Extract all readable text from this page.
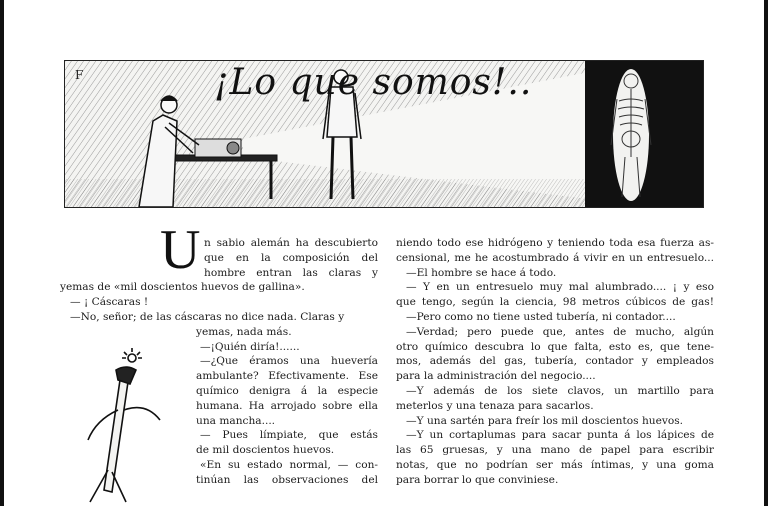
F	¡Lo que somos!..
U n sabio alemán ha descubierto

que en la composición del

hombre entran las claras y

yemas de «mil doscientos huevos de gallina».

— ¡ Cáscaras !

—No, señor; de las cáscaras no dice nada. Claras y

yemas, nada más.

—¡Quién diría!......

—¿Que éramos una huevería

ambulante? Efectivamente. Ese

químico denigra á la especie

humana. Ha arrojado sobre ella

una mancha....

— Pues límpiate, que estás

de mil doscientos huevos.

«En su estado normal, — con-

tinúan las observaciones del

niendo todo ese hidrógeno y teniendo toda esa fuerza as-

censional, me he acostumbrado á vivir en un entresuelo...

—El hombre se hace á todo.

— Y en un entresuelo muy mal alumbrado.... ¡ y eso

que tengo, según la ciencia, 98 metros cúbicos de gas!

—Pero como no tiene usted tubería, ni contador....

—Verdad; pero puede que, antes de mucho, algún

otro químico descubra lo que falta, esto es, que tene-

mos, además del gas, tubería, contador y empleados

para la administración del negocio....

—Y además de los siete clavos, un martillo para

meterlos y una tenaza para sacarlos.

—Y una sartén para freír los mil doscientos huevos.

—Y un cortaplumas para sacar punta á los lápices de

las 65 gruesas, y una mano de papel para escribir

notas, que no podrían ser más íntimas, y una goma

para borrar lo que conviniese.
